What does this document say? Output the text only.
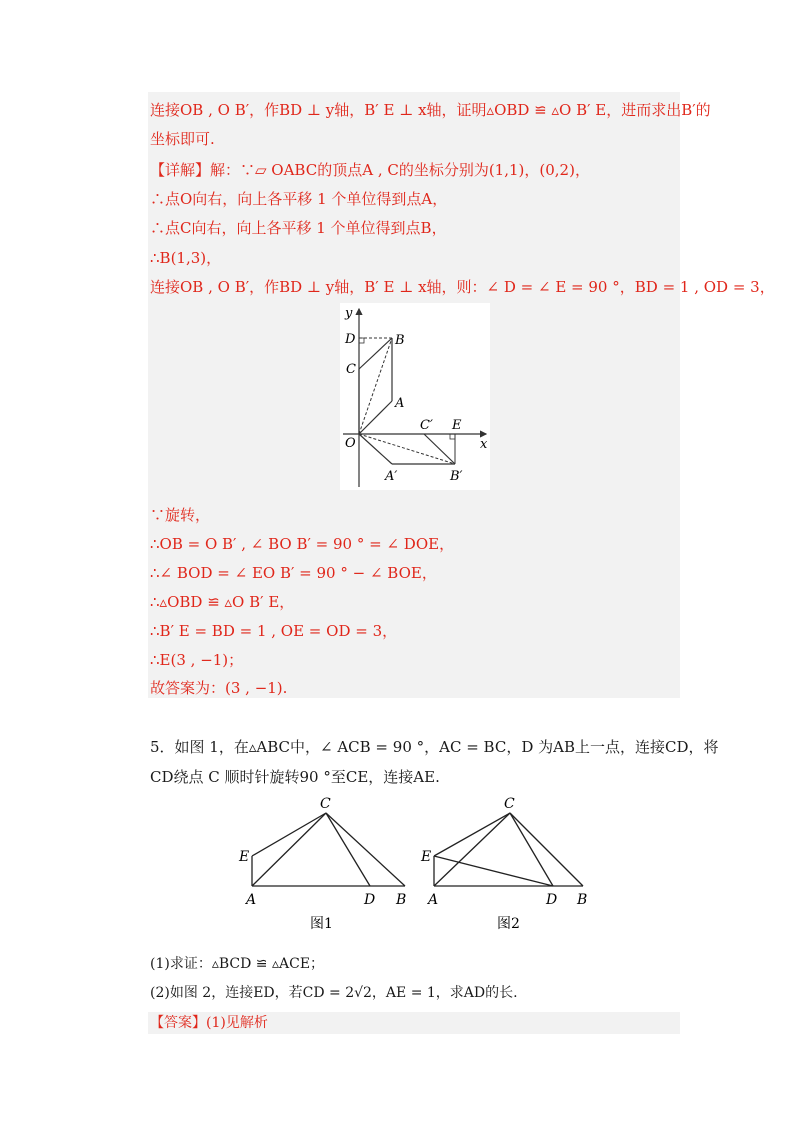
连接OB , O B′，作BD ⊥ y轴，B′ E ⊥ x轴，证明▵OBD ≌ ▵O B′ E，进而求出B′的
坐标即可.
【详解】解：∵▱ OABC的顶点A , C的坐标分别为(1,1)，(0,2)，
∴点O向右，向上各平移 1 个单位得到点A，
∴点C向右，向上各平移 1 个单位得到点B，
∴B(1,3)，
连接OB , O B′，作BD ⊥ y轴，B′ E ⊥ x轴，则：∠ D = ∠ E = 90 °，BD = 1 , OD = 3，
y
x
D	B
C
A
O
C′ E
A′	B′
∵旋转，
∴OB = O B′ , ∠ BO B′ = 90 ° = ∠ DOE，
∴∠ BOD = ∠ EO B′ = 90 ° − ∠ BOE，
∴▵OBD ≌ ▵O B′ E，
∴B′ E = BD = 1 , OE = OD = 3，
∴E(3 , −1)；
故答案为：(3 , −1).
5．如图 1，在▵ABC中，∠ ACB = 90 °，AC = BC，D 为AB上一点，连接CD，将
CD绕点 C 顺时针旋转90 °至CE，连接AE.
C
E
A	D B
图1
C
E
A	D B
图2
(1)求证：▵BCD ≌ ▵ACE；
(2)如图 2，连接ED，若CD = 2√2，AE = 1，求AD的长.
【答案】(1)见解析
